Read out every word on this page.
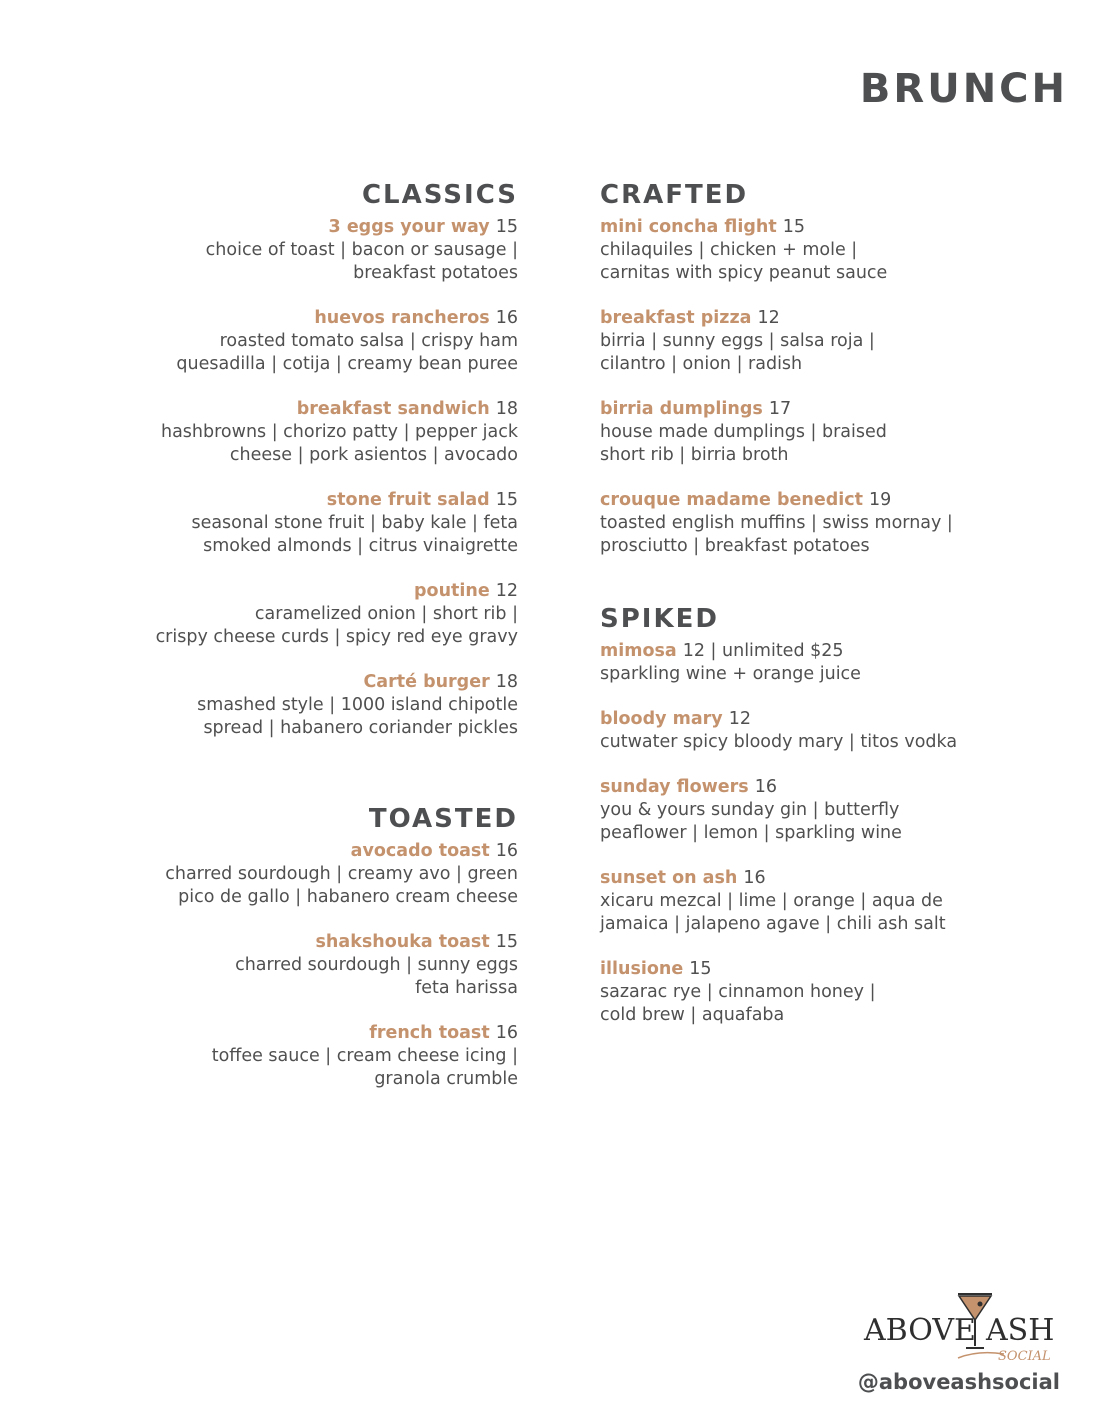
BRUNCH
CLASSICS
3 eggs your way 15
choice of toast | bacon or sausage |
breakfast potatoes
huevos rancheros 16
roasted tomato salsa | crispy ham
quesadilla | cotija | creamy bean puree
breakfast sandwich 18
hashbrowns | chorizo patty | pepper jack
cheese | pork asientos | avocado
stone fruit salad 15
seasonal stone fruit | baby kale | feta
smoked almonds | citrus vinaigrette
poutine 12
caramelized onion | short rib |
crispy cheese curds | spicy red eye gravy
Carté burger 18
smashed style | 1000 island chipotle
spread | habanero coriander pickles
TOASTED
avocado toast 16
charred sourdough | creamy avo | green
pico de gallo | habanero cream cheese
shakshouka toast 15
charred sourdough | sunny eggs
feta harissa
french toast 16
toffee sauce | cream cheese icing |
granola crumble
CRAFTED
mini concha flight 15
chilaquiles | chicken + mole |
carnitas with spicy peanut sauce
breakfast pizza 12
birria | sunny eggs | salsa roja |
cilantro | onion | radish
birria dumplings 17
house made dumplings | braised
short rib | birria broth
crouque madame benedict 19
toasted english muffins | swiss mornay |
prosciutto | breakfast potatoes
SPIKED
mimosa 12 | unlimited $25
sparkling wine + orange juice
bloody mary 12
cutwater spicy bloody mary | titos vodka
sunday flowers 16
you & yours sunday gin | butterfly
peaflower | lemon | sparkling wine
sunset on ash 16
xicaru mezcal | lime | orange | aqua de
jamaica | jalapeno agave | chili ash salt
illusione 15
sazarac rye | cinnamon honey |
cold brew | aquafaba
ABOVE ASH
SOCIAL
@aboveashsocial
